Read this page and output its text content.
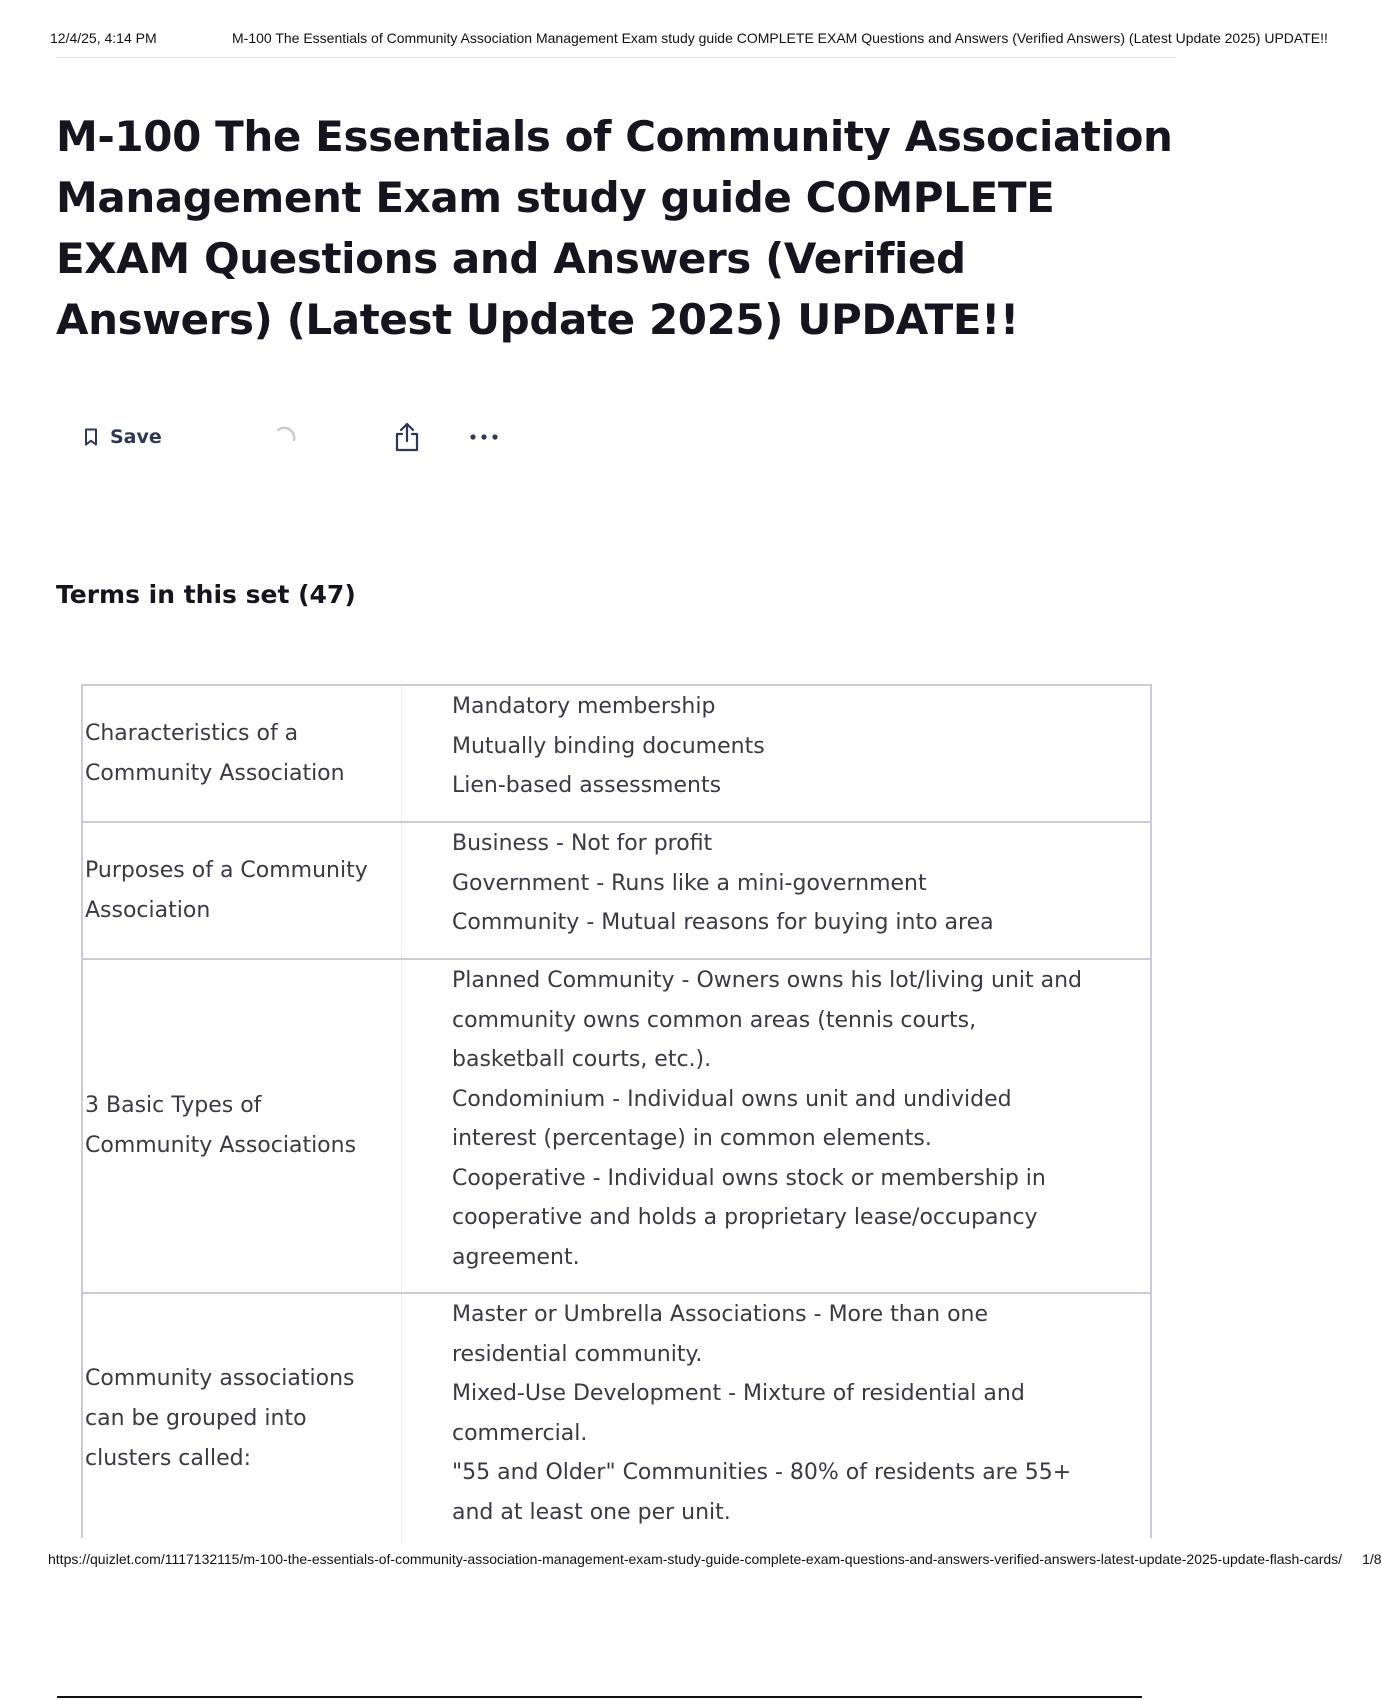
12/4/25, 4:14 PM	M-100 The Essentials of Community Association Management Exam study guide COMPLETE EXAM Questions and Answers (Verified Answers) (Latest Update 2025) UPDATE!!
M-100 The Essentials of Community Association Management Exam study guide COMPLETE EXAM Questions and Answers (Verified Answers) (Latest Update 2025) UPDATE!!
Save
Terms in this set (47)
Characteristics of a Community Association
Mandatory membership
Mutually binding documents
Lien-based assessments
Purposes of a Community Association
Business - Not for profit
Government - Runs like a mini-government
Community - Mutual reasons for buying into area
3 Basic Types of Community Associations
Planned Community - Owners owns his lot/living unit and community owns common areas (tennis courts, basketball courts, etc.).
Condominium - Individual owns unit and undivided interest (percentage) in common elements.
Cooperative - Individual owns stock or membership in cooperative and holds a proprietary lease/occupancy agreement.
Community associations can be grouped into clusters called:
Master or Umbrella Associations - More than one residential community.
Mixed-Use Development - Mixture of residential and commercial.
"55 and Older" Communities - 80% of residents are 55+ and at least one per unit.
https://quizlet.com/1117132115/m-100-the-essentials-of-community-association-management-exam-study-guide-complete-exam-questions-and-answers-verified-answers-latest-update-2025-update-flash-cards/	1/8
